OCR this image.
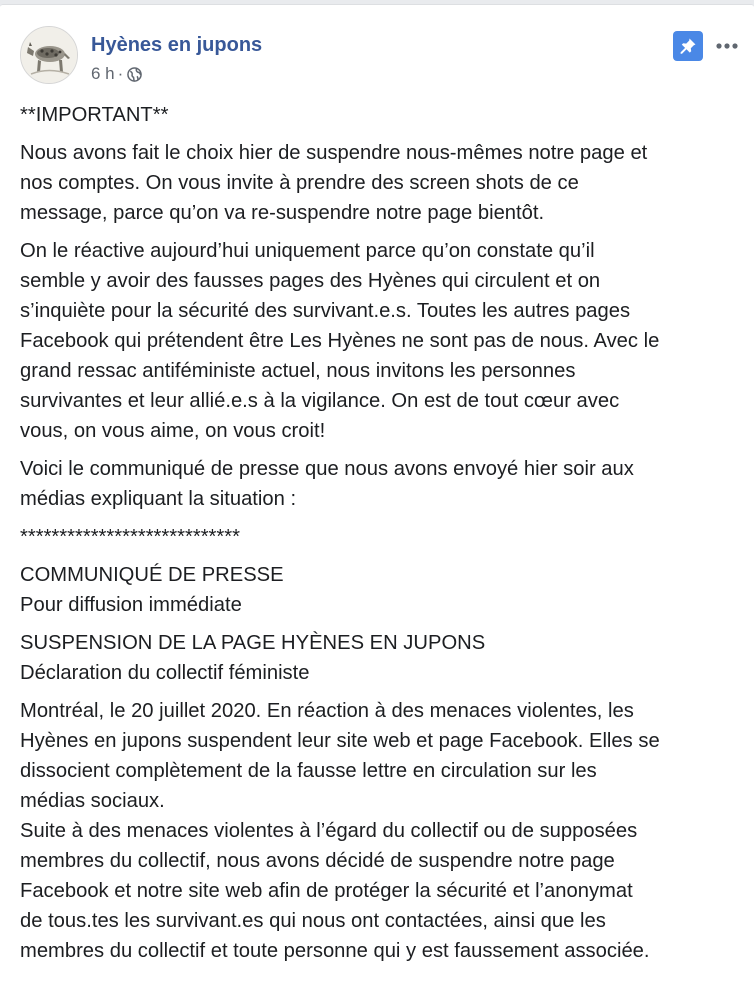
Hyènes en jupons
6 h ·

**IMPORTANT**

Nous avons fait le choix hier de suspendre nous-mêmes notre page et
nos comptes. On vous invite à prendre des screen shots de ce
message, parce qu’on va re-suspendre notre page bientôt.

On le réactive aujourd’hui uniquement parce qu’on constate qu’il
semble y avoir des fausses pages des Hyènes qui circulent et on
s’inquiète pour la sécurité des survivant.e.s. Toutes les autres pages
Facebook qui prétendent être Les Hyènes ne sont pas de nous. Avec le
grand ressac antiféministe actuel, nous invitons les personnes
survivantes et leur allié.e.s à la vigilance. On est de tout cœur avec
vous, on vous aime, on vous croit!

Voici le communiqué de presse que nous avons envoyé hier soir aux
médias expliquant la situation :

****************************

COMMUNIQUÉ DE PRESSE
Pour diffusion immédiate

SUSPENSION DE LA PAGE HYÈNES EN JUPONS
Déclaration du collectif féministe

Montréal, le 20 juillet 2020. En réaction à des menaces violentes, les
Hyènes en jupons suspendent leur site web et page Facebook. Elles se
dissocient complètement de la fausse lettre en circulation sur les
médias sociaux.

Suite à des menaces violentes à l’égard du collectif ou de supposées
membres du collectif, nous avons décidé de suspendre notre page
Facebook et notre site web afin de protéger la sécurité et l’anonymat
de tous.tes les survivant.es qui nous ont contactées, ainsi que les
membres du collectif et toute personne qui y est faussement associée.
